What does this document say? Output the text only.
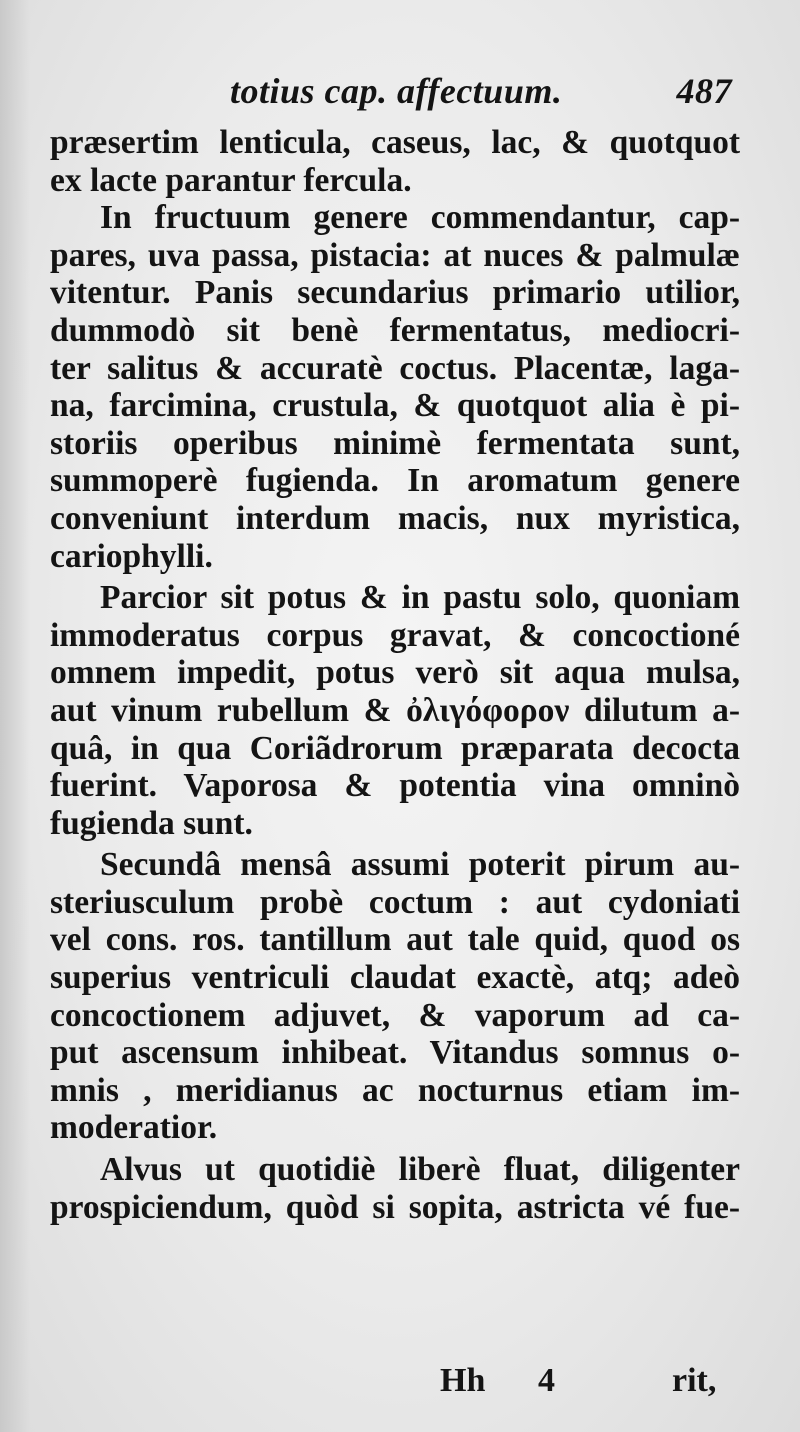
totius cap. affectuum.	487
præsertim lenticula, caseus, lac, & quotquot
ex lacte parantur fercula.
In fructuum genere commendantur, cap-
pares, uva passa, pistacia: at nuces & palmulæ
vitentur. Panis secundarius primario utilior,
dummodò sit benè fermentatus, mediocri-
ter salitus & accuratè coctus. Placentæ, laga-
na, farcimina, crustula, & quotquot alia è pi-
storiis operibus minimè fermentata sunt,
summoperè fugienda. In aromatum genere
conveniunt interdum macis, nux myristica,
cariophylli.
Parcior sit potus & in pastu solo, quoniam
immoderatus corpus gravat, & concoctioné
omnem impedit, potus verò sit aqua mulsa,
aut vinum rubellum & ὀλιγόφορον dilutum a-
quâ, in qua Coriãdrorum præparata decocta
fuerint. Vaporosa & potentia vina omninò
fugienda sunt.
Secundâ mensâ assumi poterit pirum au-
steriusculum probè coctum : aut cydoniati
vel cons. ros. tantillum aut tale quid, quod os
superius ventriculi claudat exactè, atq; adeò
concoctionem adjuvet, & vaporum ad ca-
put ascensum inhibeat. Vitandus somnus o-
mnis , meridianus ac nocturnus etiam im-
moderatior.
Alvus ut quotidiè liberè fluat, diligenter
prospiciendum, quòd si sopita, astricta vé fue-
Hh 4	rit,
